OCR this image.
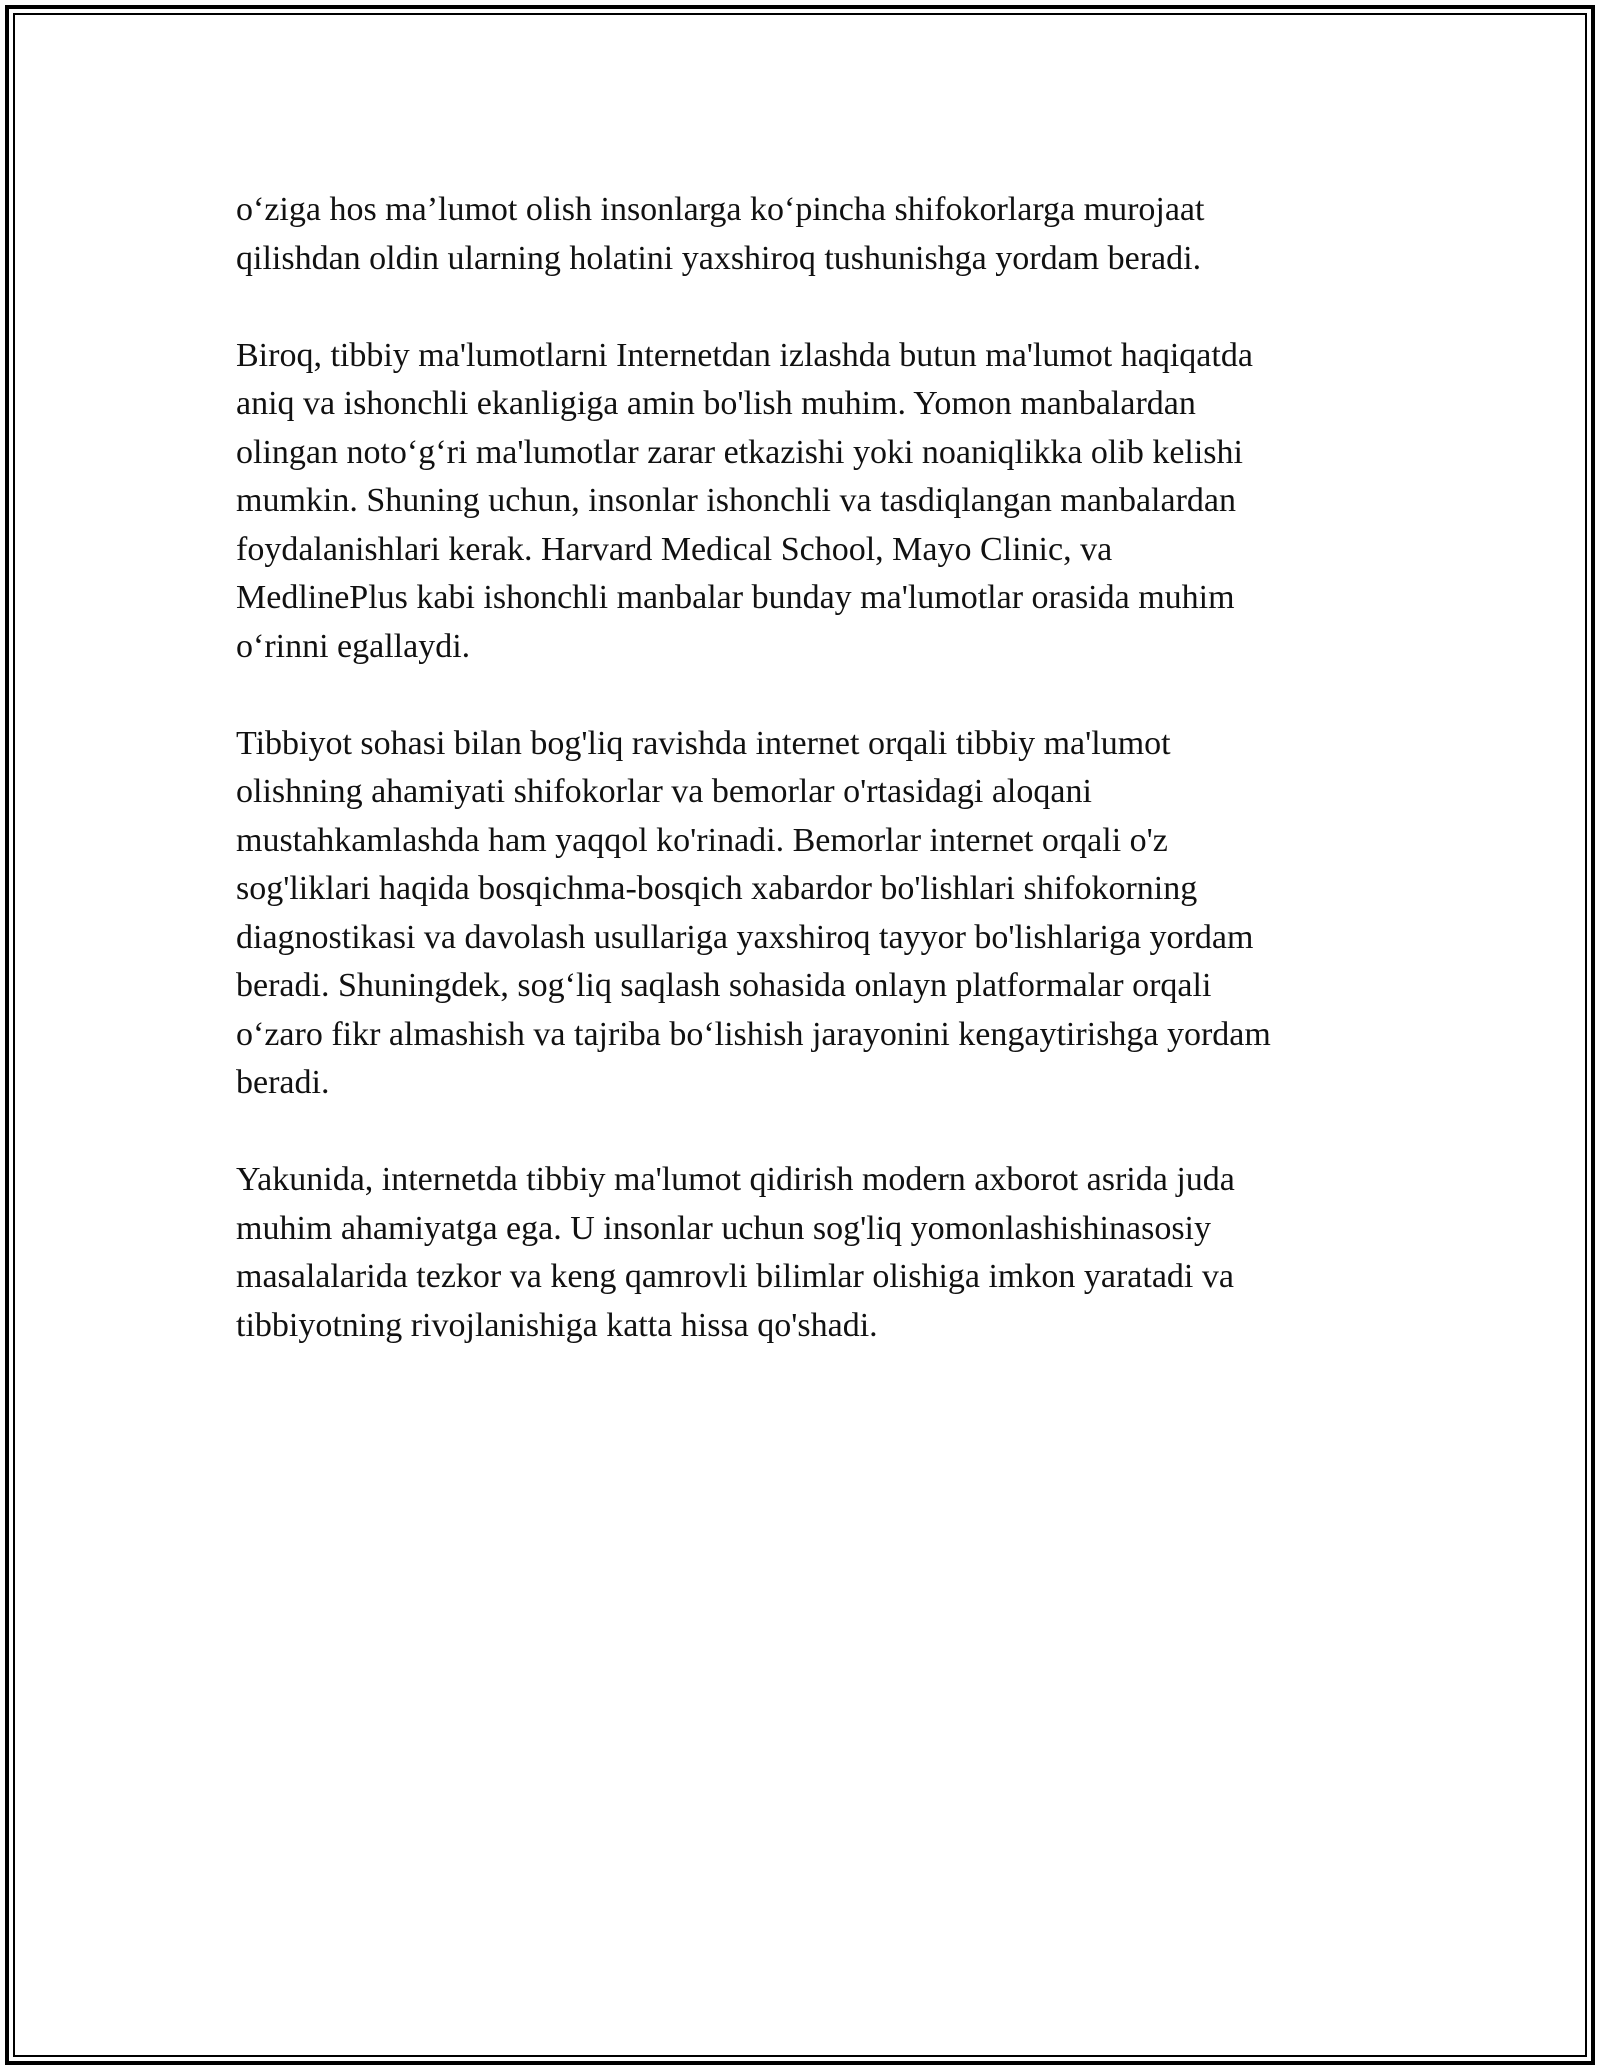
o‘ziga hos ma’lumot olish insonlarga ko‘pincha shifokorlarga murojaat
qilishdan oldin ularning holatini yaxshiroq tushunishga yordam beradi.

Biroq, tibbiy ma'lumotlarni Internetdan izlashda butun ma'lumot haqiqatda
aniq va ishonchli ekanligiga amin bo'lish muhim. Yomon manbalardan
olingan noto‘g‘ri ma'lumotlar zarar etkazishi yoki noaniqlikka olib kelishi
mumkin. Shuning uchun, insonlar ishonchli va tasdiqlangan manbalardan
foydalanishlari kerak. Harvard Medical School, Mayo Clinic, va
MedlinePlus kabi ishonchli manbalar bunday ma'lumotlar orasida muhim
o‘rinni egallaydi.

Tibbiyot sohasi bilan bog'liq ravishda internet orqali tibbiy ma'lumot
olishning ahamiyati shifokorlar va bemorlar o'rtasidagi aloqani
mustahkamlashda ham yaqqol ko'rinadi. Bemorlar internet orqali o'z
sog'liklari haqida bosqichma-bosqich xabardor bo'lishlari shifokorning
diagnostikasi va davolash usullariga yaxshiroq tayyor bo'lishlariga yordam
beradi. Shuningdek, sog‘liq saqlash sohasida onlayn platformalar orqali
o‘zaro fikr almashish va tajriba bo‘lishish jarayonini kengaytirishga yordam
beradi.

Yakunida, internetda tibbiy ma'lumot qidirish modern axborot asrida juda
muhim ahamiyatga ega. U insonlar uchun sog'liq yomonlashishinasosiy
masalalarida tezkor va keng qamrovli bilimlar olishiga imkon yaratadi va
tibbiyotning rivojlanishiga katta hissa qo'shadi.
